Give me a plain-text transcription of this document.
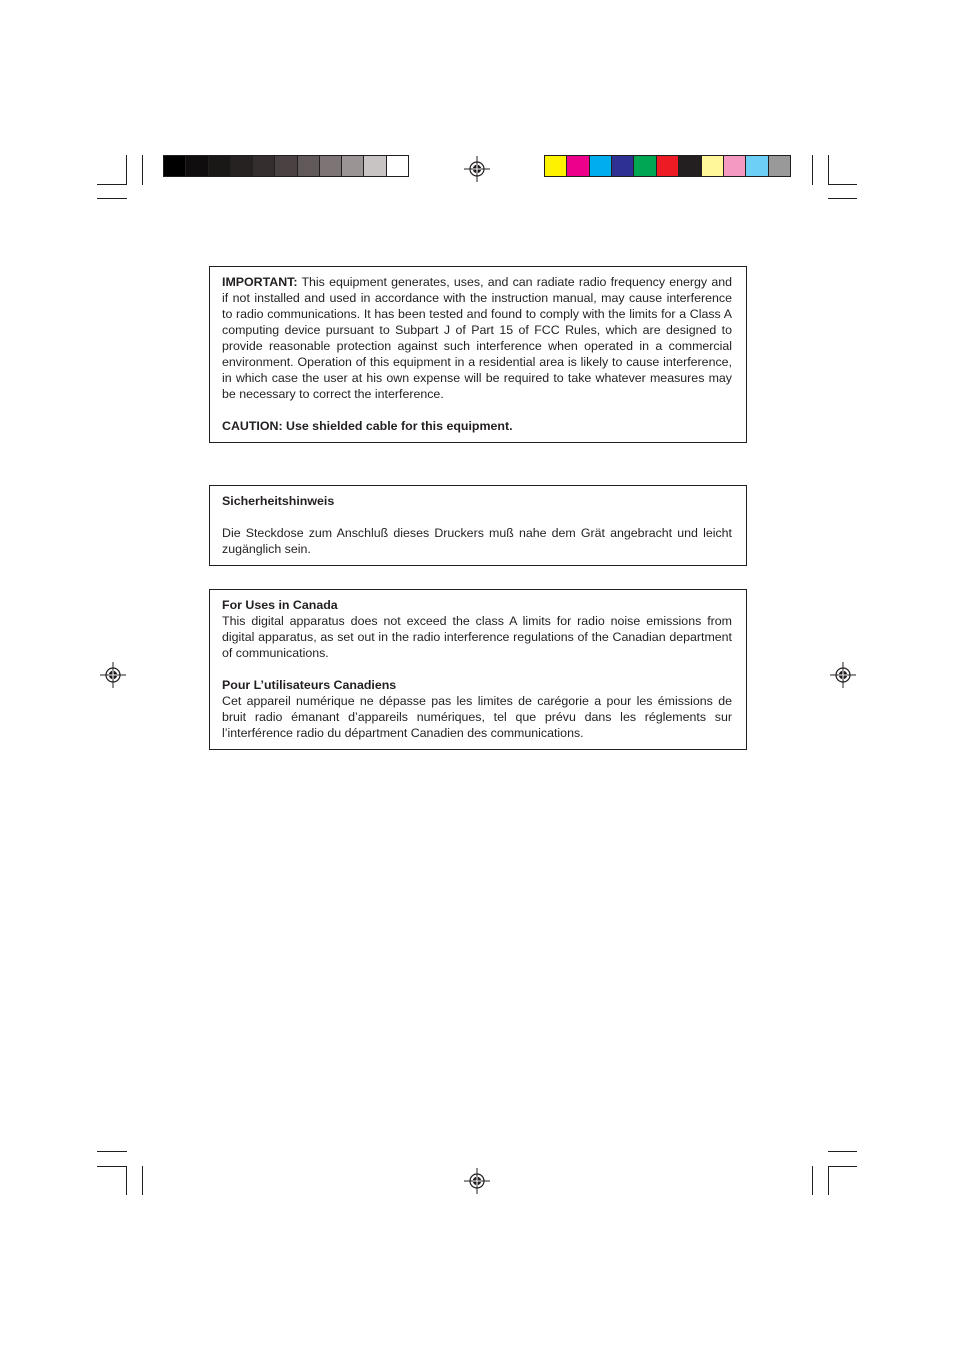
IMPORTANT: This equipment generates, uses, and can radiate radio frequency energy and if not installed and used in accordance with the instruction manual, may cause interference to radio communications. It has been tested and found to comply with the limits for a Class A computing device pursuant to Subpart J of Part 15 of FCC Rules, which are designed to provide reasonable protection against such interference when operated in a commercial environment. Operation of this equipment in a residential area is likely to cause interference, in which case the user at his own expense will be required to take whatever measures may be necessary to correct the interference.

CAUTION: Use shielded cable for this equipment.

Sicherheitshinweis

Die Steckdose zum Anschluß dieses Druckers muß nahe dem Grät angebracht und leicht zugänglich sein.

For Uses in Canada

This digital apparatus does not exceed the class A limits for radio noise emissions from digital apparatus, as set out in the radio interference regulations of the Canadian department of communications.

Pour L’utilisateurs Canadiens

Cet appareil numérique ne dépasse pas les limites de carégorie a pour les émissions de bruit radio émanant d’appareils numériques, tel que prévu dans les réglements sur l’interférence radio du départment Canadien des communications.
